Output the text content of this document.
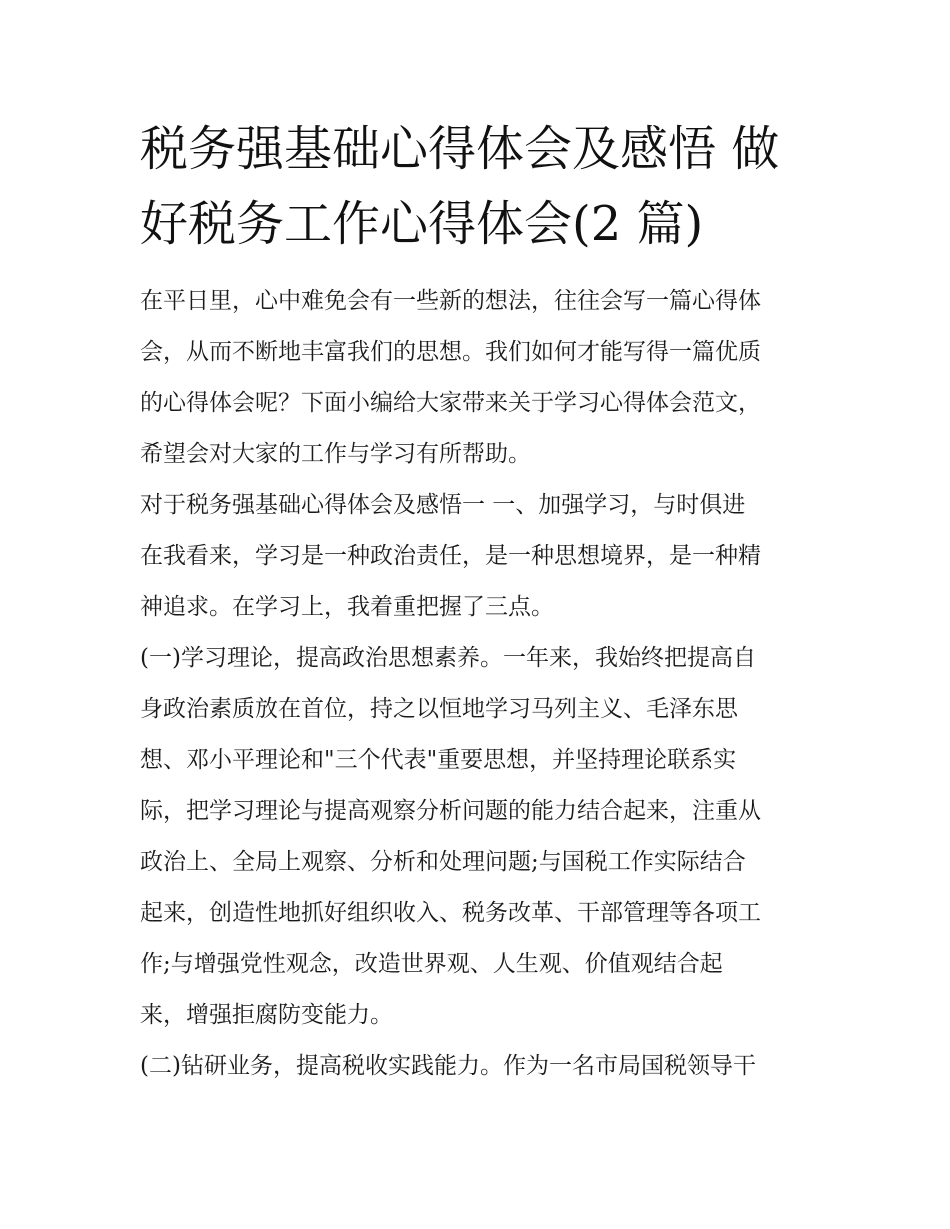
税务强基础心得体会及感悟 做
好税务工作心得体会(2 篇)
在平日里，心中难免会有一些新的想法，往往会写一篇心得体
会，从而不断地丰富我们的思想。我们如何才能写得一篇优质
的心得体会呢？下面小编给大家带来关于学习心得体会范文，
希望会对大家的工作与学习有所帮助。
对于税务强基础心得体会及感悟一 一、加强学习，与时俱进
在我看来，学习是一种政治责任，是一种思想境界，是一种精
神追求。在学习上，我着重把握了三点。
(一)学习理论，提高政治思想素养。一年来，我始终把提高自
身政治素质放在首位，持之以恒地学习马列主义、毛泽东思
想、邓小平理论和"三个代表"重要思想，并坚持理论联系实
际，把学习理论与提高观察分析问题的能力结合起来，注重从
政治上、全局上观察、分析和处理问题;与国税工作实际结合
起来，创造性地抓好组织收入、税务改革、干部管理等各项工
作;与增强党性观念，改造世界观、人生观、价值观结合起
来，增强拒腐防变能力。
(二)钻研业务，提高税收实践能力。作为一名市局国税领导干
